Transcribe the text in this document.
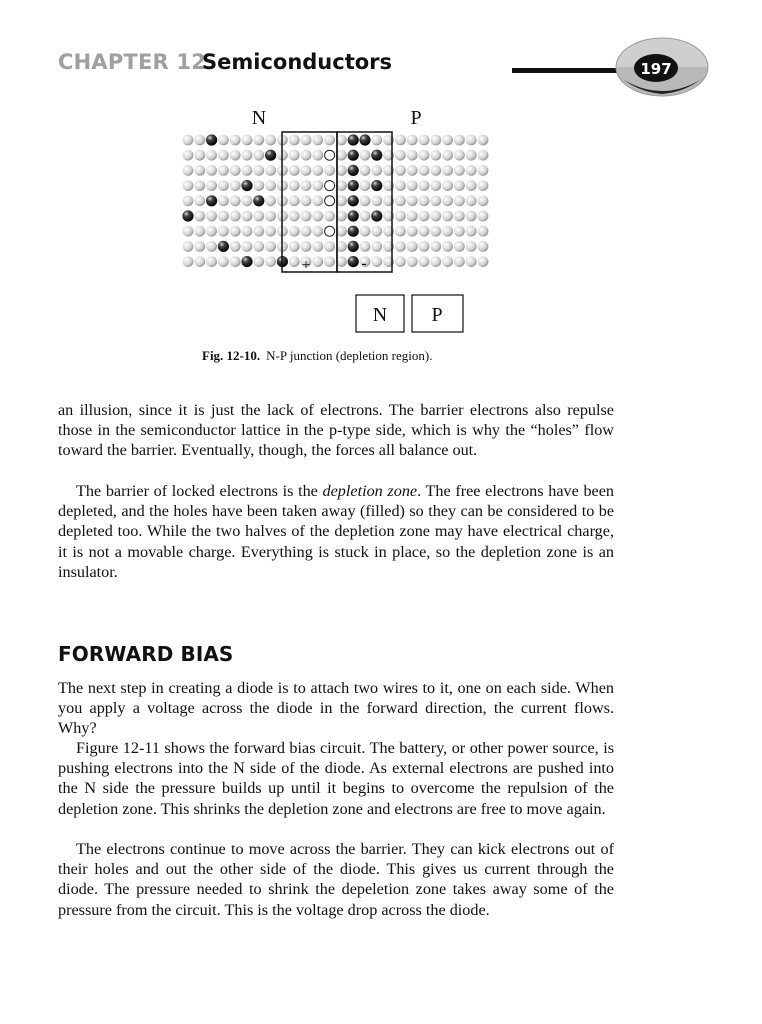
CHAPTER 12
Semiconductors	197
N	P
+	-
N P
Fig. 12-10. N-P junction (depletion region).

an illusion, since it is just the lack of electrons. The barrier electrons also repulse those in the semiconductor lattice in the p-type side, which is why the “holes” flow toward the barrier. Eventually, though, the forces all balance out.

The barrier of locked electrons is the depletion zone. The free electrons have been depleted, and the holes have been taken away (filled) so they can be considered to be depleted too. While the two halves of the depletion zone may have electrical charge, it is not a movable charge. Everything is stuck in place, so the depletion zone is an insulator.

FORWARD BIAS

The next step in creating a diode is to attach two wires to it, one on each side. When you apply a voltage across the diode in the forward direction, the current flows. Why?

Figure 12-11 shows the forward bias circuit. The battery, or other power source, is pushing electrons into the N side of the diode. As external electrons are pushed into the N side the pressure builds up until it begins to overcome the repulsion of the depletion zone. This shrinks the depletion zone and electrons are free to move again.

The electrons continue to move across the barrier. They can kick electrons out of their holes and out the other side of the diode. This gives us current through the diode. The pressure needed to shrink the depeletion zone takes away some of the pressure from the circuit. This is the voltage drop across the diode.
